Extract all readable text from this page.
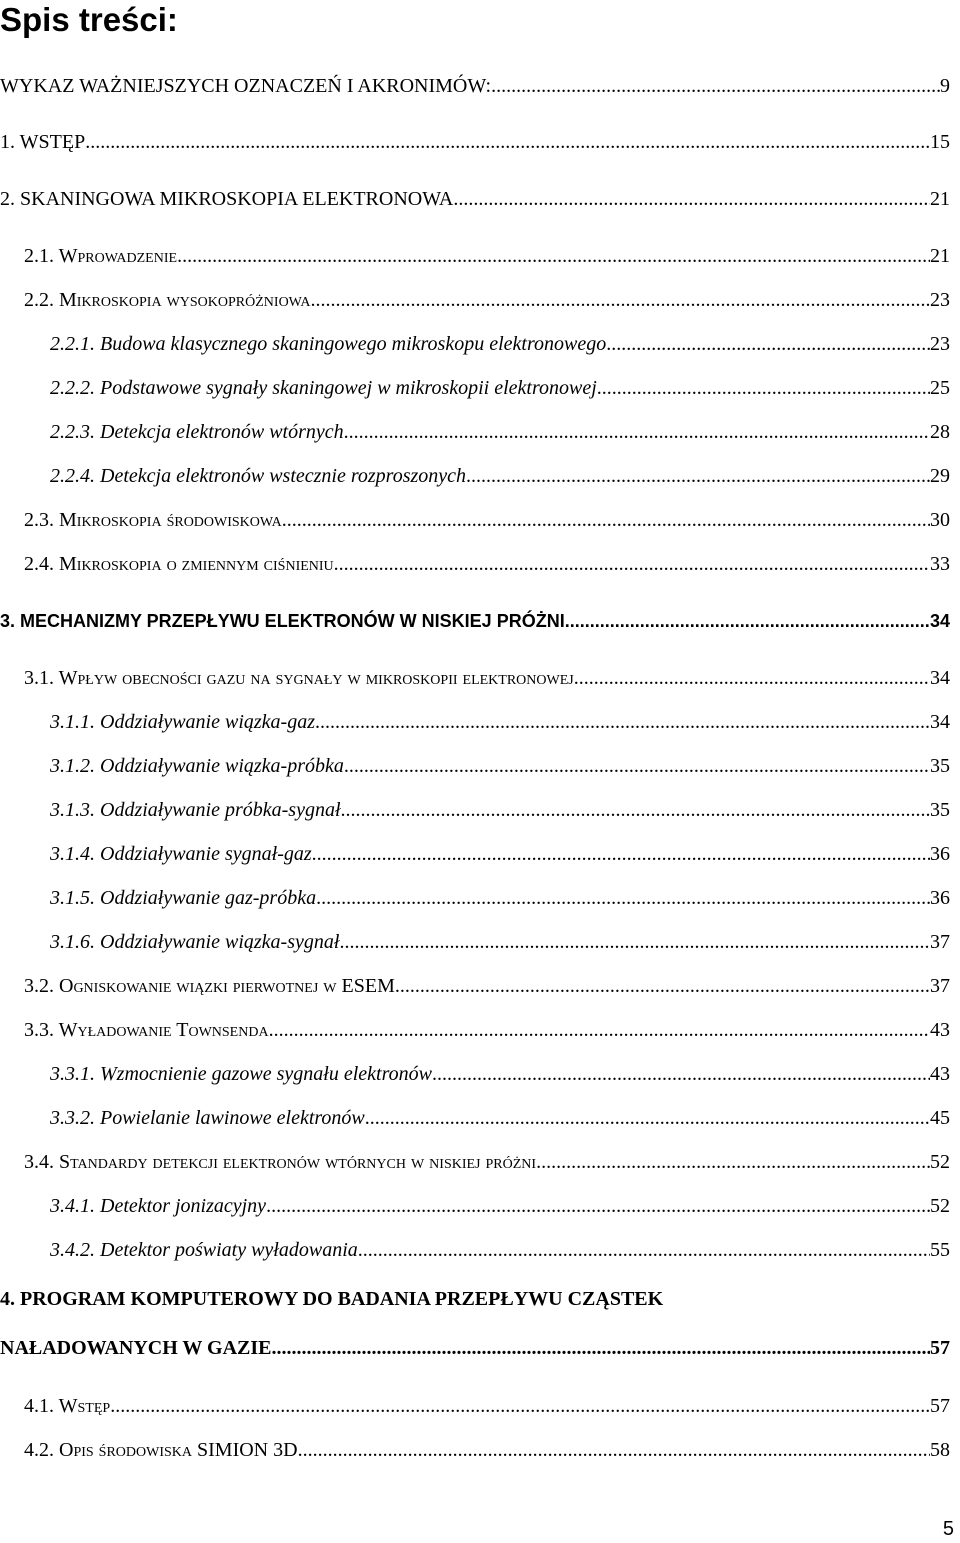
Spis treści:
WYKAZ WAŻNIEJSZYCH OZNACZEŃ I AKRONIMÓW: .....	9
1. WSTĘP .....	15
2. SKANINGOWA MIKROSKOPIA ELEKTRONOWA .....	21
2.1. Wprowadzenie .....	21
2.2. Mikroskopia wysokopróżniowa .....	23
2.2.1. Budowa klasycznego skaningowego mikroskopu elektronowego .....	23
2.2.2. Podstawowe sygnały skaningowej w mikroskopii elektronowej .....	25
2.2.3. Detekcja elektronów wtórnych .....	28
2.2.4. Detekcja elektronów wstecznie rozproszonych .....	29
2.3. Mikroskopia środowiskowa .....	30
2.4. Mikroskopia o zmiennym ciśnieniu .....	33
3. MECHANIZMY PRZEPŁYWU ELEKTRONÓW W NISKIEJ PRÓŻNI .....	34
3.1. Wpływ obecności gazu na sygnały w mikroskopii elektronowej .....	34
3.1.1. Oddziaływanie wiązka-gaz .....	34
3.1.2. Oddziaływanie wiązka-próbka .....	35
3.1.3. Oddziaływanie próbka-sygnał .....	35
3.1.4. Oddziaływanie sygnał-gaz .....	36
3.1.5. Oddziaływanie gaz-próbka .....	36
3.1.6. Oddziaływanie wiązka-sygnał .....	37
3.2. Ogniskowanie wiązki pierwotnej w ESEM .....	37
3.3. Wyładowanie Townsenda .....	43
3.3.1. Wzmocnienie gazowe sygnału elektronów .....	43
3.3.2. Powielanie lawinowe elektronów .....	45
3.4. Standardy detekcji elektronów wtórnych w niskiej próżni .....	52
3.4.1. Detektor jonizacyjny .....	52
3.4.2. Detektor poświaty wyładowania .....	55
4. PROGRAM KOMPUTEROWY DO BADANIA PRZEPŁYWU CZĄSTEK
NAŁADOWANYCH W GAZIE .....	57
4.1. Wstęp .....	57
4.2. Opis środowiska SIMION 3D .....	58
5
